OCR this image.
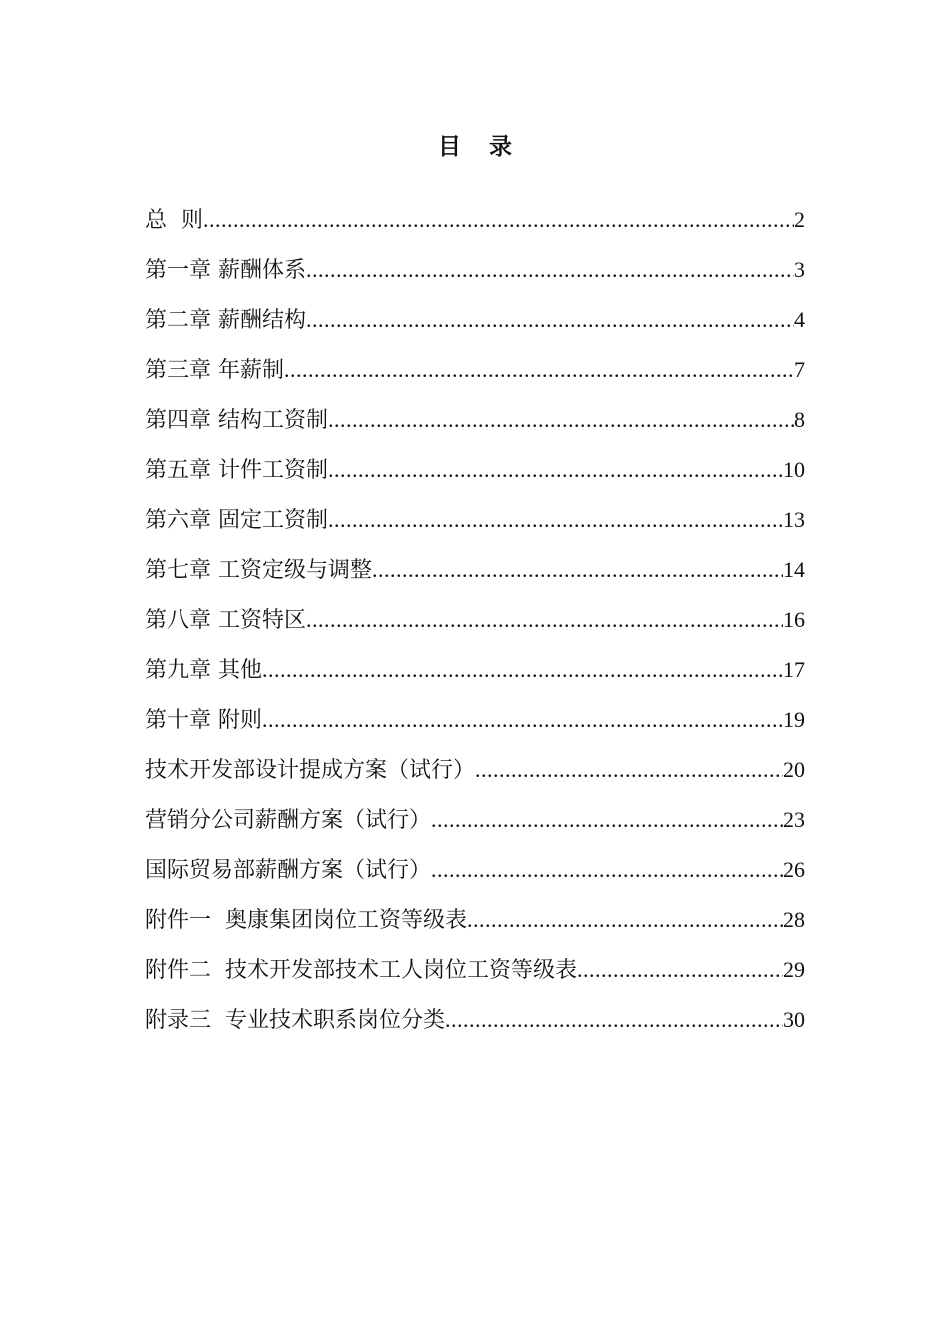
目录
总  则 .....	2
第一章 薪酬体系 .....	3
第二章 薪酬结构 .....	4
第三章 年薪制 .....	7
第四章 结构工资制 .....	8
第五章 计件工资制 .....	10
第六章 固定工资制 .....	13
第七章 工资定级与调整 .....	14
第八章 工资特区 .....	16
第九章 其他 .....	17
第十章 附则 .....	19
技术开发部设计提成方案（试行） .....	20
营销分公司薪酬方案（试行） .....	23
国际贸易部薪酬方案（试行） .....	26
附件一  奥康集团岗位工资等级表 .....	28
附件二  技术开发部技术工人岗位工资等级表 .....	29
附录三  专业技术职系岗位分类 .....	30
